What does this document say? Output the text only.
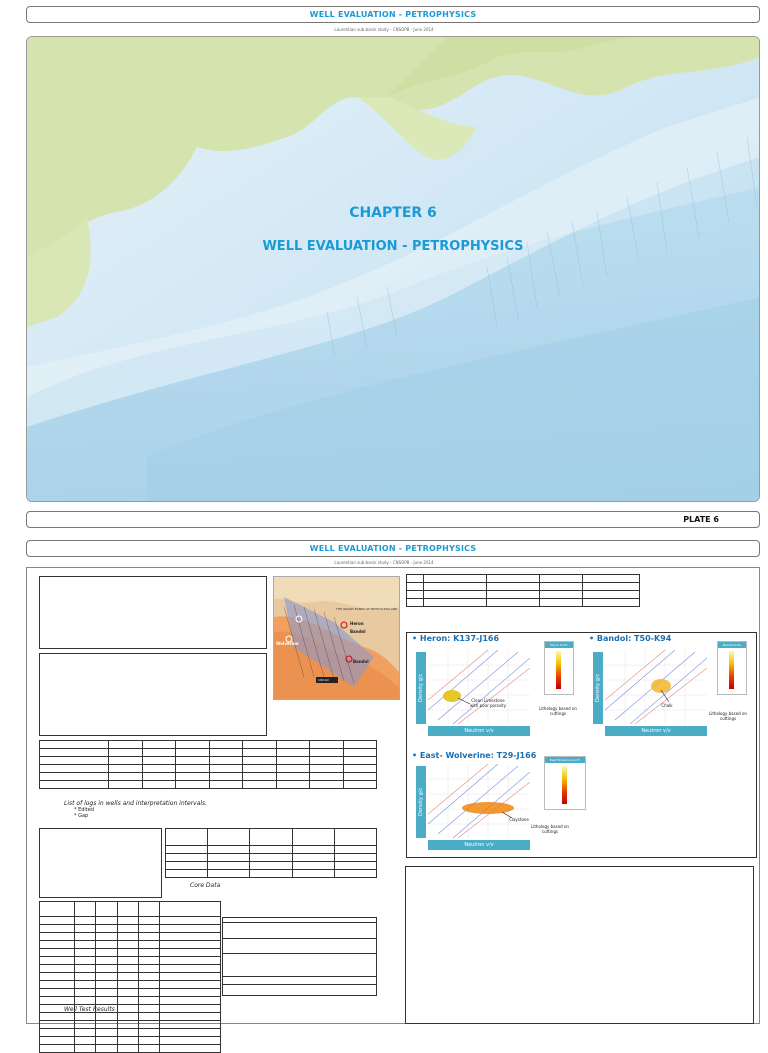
WELL EVALUATION - PETROPHYSICS
Laurentian sub-basin study - CNSOPB - June 2014
CHAPTER 6
WELL EVALUATION - PETROPHYSICS
PLATE 6
WELL EVALUATION - PETROPHYSICS
Laurentian sub-basin study - CNSOPB - June 2014

List of logs in wells and interpretation intervals.
* Edited
* Gap

Core Data

Well Test Results
THE GRAND BANKS OF NEWFOUNDLAND
Heron
Bandol
Wolverine
Bandol
100 km

• Heron: K137-J166
Density g/c
Neutron v/v
Clean Limestone with poor porosity
Heron K137
Lithology based on cuttings
• Bandol: T50-K94
Density g/c
Neutron v/v
Chalk
Bandol K-94
Lithology based on cuttings
• East- Wolverine: T29-J166
Density g/c
Neutron v/v
Claystone
East Wolverine G-37
Lithology based on cuttings
